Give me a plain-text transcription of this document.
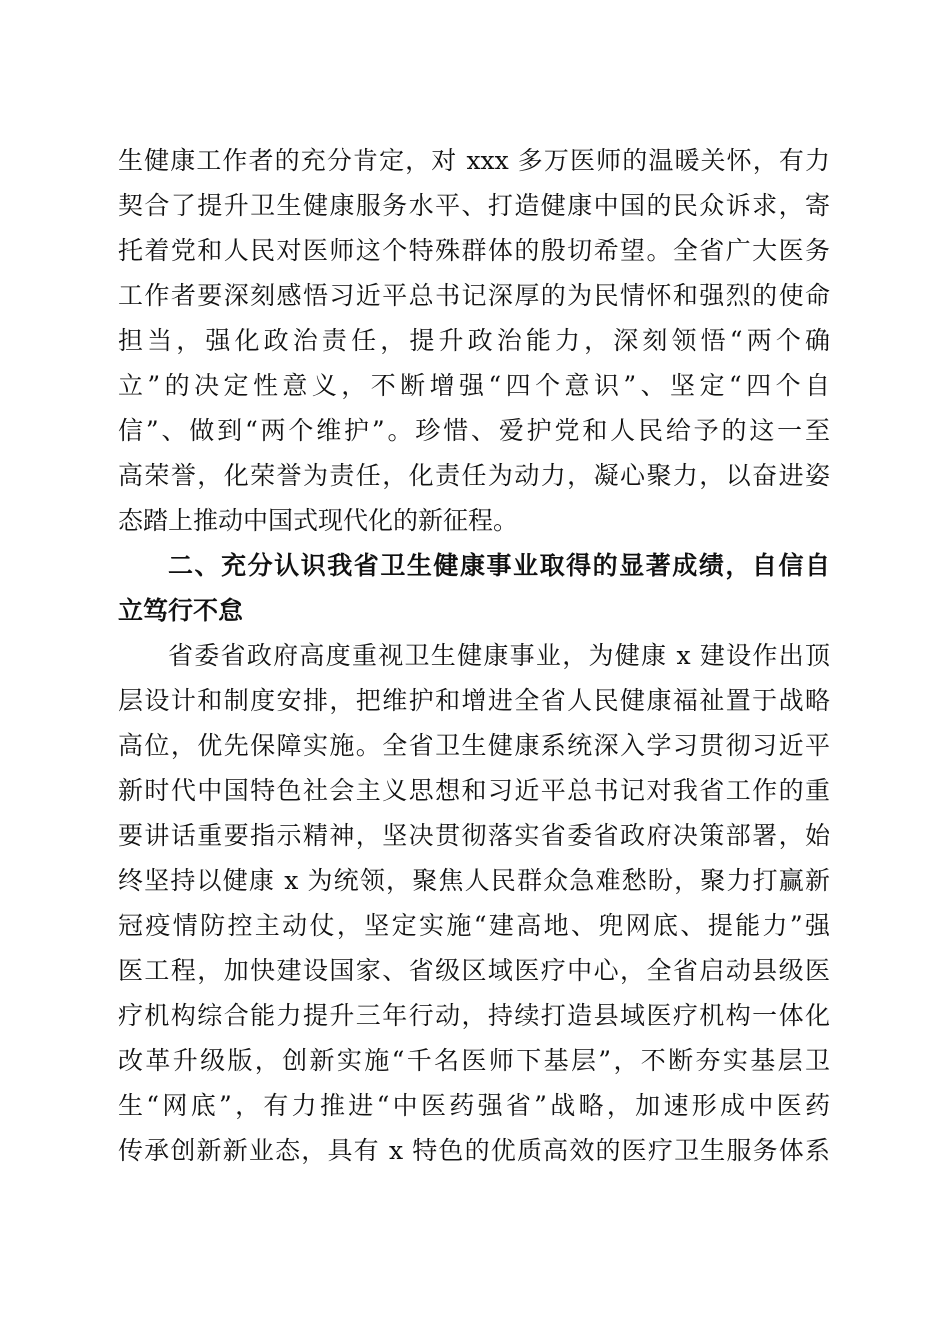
生健康工作者的充分肯定，对 xxx 多万医师的温暖关怀，有力
契合了提升卫生健康服务水平、打造健康中国的民众诉求，寄
托着党和人民对医师这个特殊群体的殷切希望。全省广大医务
工作者要深刻感悟习近平总书记深厚的为民情怀和强烈的使命
担当，强化政治责任，提升政治能力，深刻领悟“两个确
立”的决定性意义，不断增强“四个意识”、坚定“四个自
信”、做到“两个维护”。珍惜、爱护党和人民给予的这一至
高荣誉，化荣誉为责任，化责任为动力，凝心聚力，以奋进姿
态踏上推动中国式现代化的新征程。
二、充分认识我省卫生健康事业取得的显著成绩，自信自
立笃行不怠
省委省政府高度重视卫生健康事业，为健康 x 建设作出顶
层设计和制度安排，把维护和增进全省人民健康福祉置于战略
高位，优先保障实施。全省卫生健康系统深入学习贯彻习近平
新时代中国特色社会主义思想和习近平总书记对我省工作的重
要讲话重要指示精神，坚决贯彻落实省委省政府决策部署，始
终坚持以健康 x 为统领，聚焦人民群众急难愁盼，聚力打赢新
冠疫情防控主动仗，坚定实施“建高地、兜网底、提能力”强
医工程，加快建设国家、省级区域医疗中心，全省启动县级医
疗机构综合能力提升三年行动，持续打造县域医疗机构一体化
改革升级版，创新实施“千名医师下基层”，不断夯实基层卫
生“网底”，有力推进“中医药强省”战略，加速形成中医药
传承创新新业态，具有 x 特色的优质高效的医疗卫生服务体系
